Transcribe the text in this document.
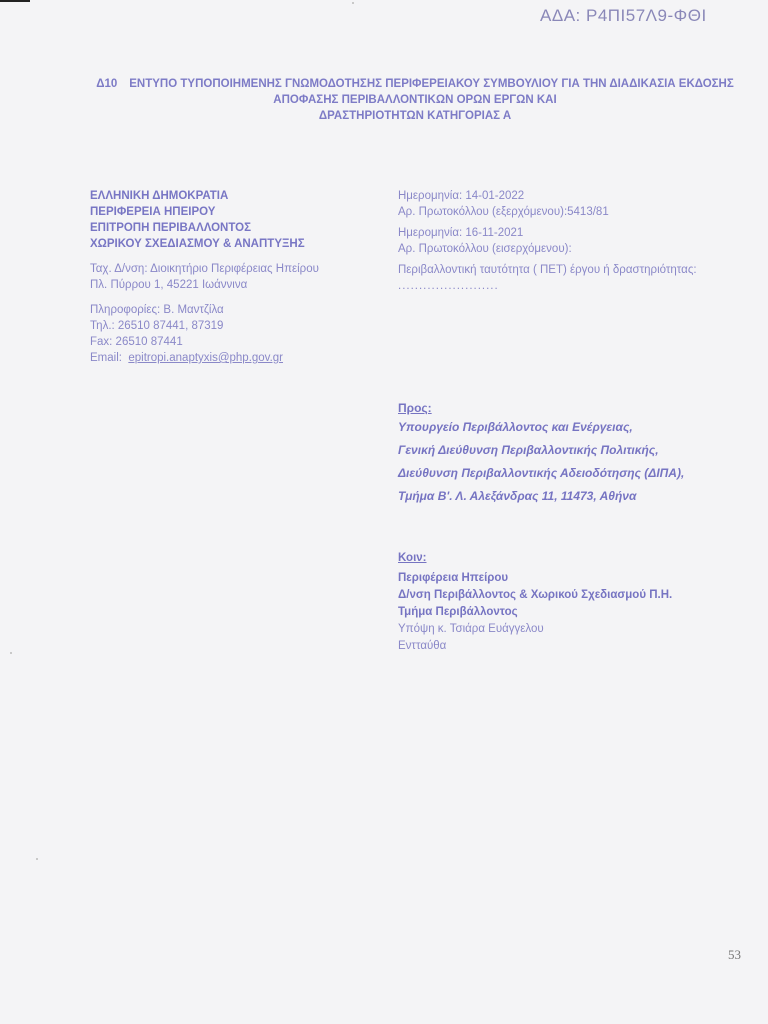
ΑΔΑ: Ρ4ΠΙ57Λ9-ΦΘΙ
Δ10 ΕΝΤΥΠΟ ΤΥΠΟΠΟΙΗΜΕΝΗΣ ΓΝΩΜΟΔΟΤΗΣΗΣ ΠΕΡΙΦΕΡΕΙΑΚΟΥ ΣΥΜΒΟΥΛΙΟΥ ΓΙΑ ΤΗΝ ΔΙΑΔΙΚΑΣΙΑ ΕΚΔΟΣΗΣ
ΑΠΟΦΑΣΗΣ ΠΕΡΙΒΑΛΛΟΝΤΙΚΩΝ ΟΡΩΝ ΕΡΓΩΝ ΚΑΙ
ΔΡΑΣΤΗΡΙΟΤΗΤΩΝ ΚΑΤΗΓΟΡΙΑΣ Α
ΕΛΛΗΝΙΚΗ ΔΗΜΟΚΡΑΤΙΑ
ΠΕΡΙΦΕΡΕΙΑ ΗΠΕΙΡΟΥ
ΕΠΙΤΡΟΠΗ ΠΕΡΙΒΑΛΛΟΝΤΟΣ
ΧΩΡΙΚΟΥ ΣΧΕΔΙΑΣΜΟΥ & ΑΝΑΠΤΥΞΗΣ
Ταχ. Δ/νση: Διοικητήριο Περιφέρειας Ηπείρου
Πλ. Πύρρου 1, 45221 Ιωάννινα
Πληροφορίες: Β. Μαντζίλα
Τηλ.: 26510 87441, 87319
Fax: 26510 87441
Email: epitropi.anaptyxis@php.gov.gr
Ημερομηνία: 14-01-2022
Αρ. Πρωτοκόλλου (εξερχόμενου):5413/81
Ημερομηνία: 16-11-2021
Αρ. Πρωτοκόλλου (εισερχόμενου):
Περιβαλλοντική ταυτότητα ( ΠΕΤ) έργου ή δραστηριότητας:
........................
Προς:
Υπουργείο Περιβάλλοντος και Ενέργειας,
Γενική Διεύθυνση Περιβαλλοντικής Πολιτικής,
Διεύθυνση Περιβαλλοντικής Αδειοδότησης (ΔΙΠΑ),
Τμήμα Β'. Λ. Αλεξάνδρας 11, 11473, Αθήνα
Κοιν:
Περιφέρεια Ηπείρου
Δ/νση Περιβάλλοντος & Χωρικού Σχεδιασμού Π.Η.
Τμήμα Περιβάλλοντος
Υπόψη κ. Τσιάρα Ευάγγελου
Εντταύθα
53
